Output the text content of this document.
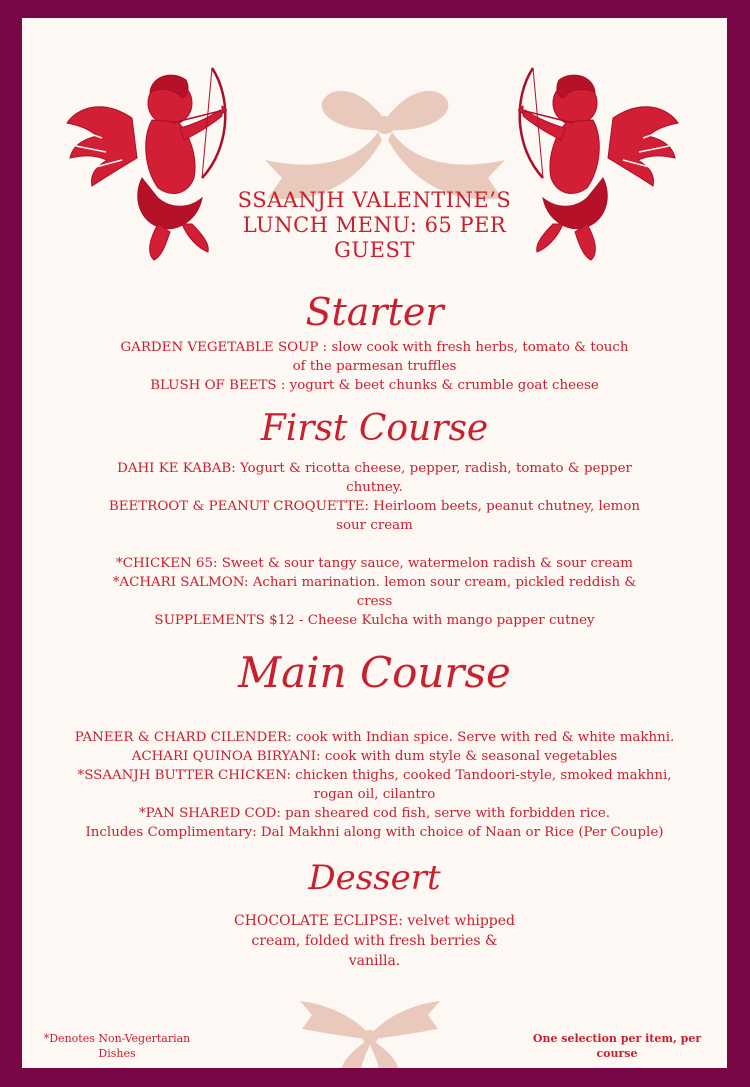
SSAANJH VALENTINE’S
LUNCH MENU: 65 PER
GUEST
Starter

GARDEN VEGETABLE SOUP : slow cook with fresh herbs, tomato & touch

of the parmesan truffles

BLUSH OF BEETS : yogurt & beet chunks & crumble goat cheese

First Course

DAHI KE KABAB: Yogurt & ricotta cheese, pepper, radish, tomato & pepper

chutney.

BEETROOT & PEANUT CROQUETTE: Heirloom beets, peanut chutney, lemon

sour cream

*CHICKEN 65: Sweet & sour tangy sauce, watermelon radish & sour cream

*ACHARI SALMON: Achari marination. lemon sour cream, pickled reddish &

cress

SUPPLEMENTS $12 - Cheese Kulcha with mango papper cutney

Main Course

PANEER & CHARD CILENDER: cook with Indian spice. Serve with red & white makhni.

ACHARI QUINOA BIRYANI: cook with dum style & seasonal vegetables

*SSAANJH BUTTER CHICKEN: chicken thighs, cooked Tandoori-style, smoked makhni,

rogan oil, cilantro

*PAN SHARED COD: pan sheared cod fish, serve with forbidden rice.

Includes Complimentary: Dal Makhni along with choice of Naan or Rice (Per Couple)

Dessert

CHOCOLATE ECLIPSE: velvet whipped

cream, folded with fresh berries &

vanilla.

*Denotes Non-Vegertarian
Dishes
One selection per item, per
course
